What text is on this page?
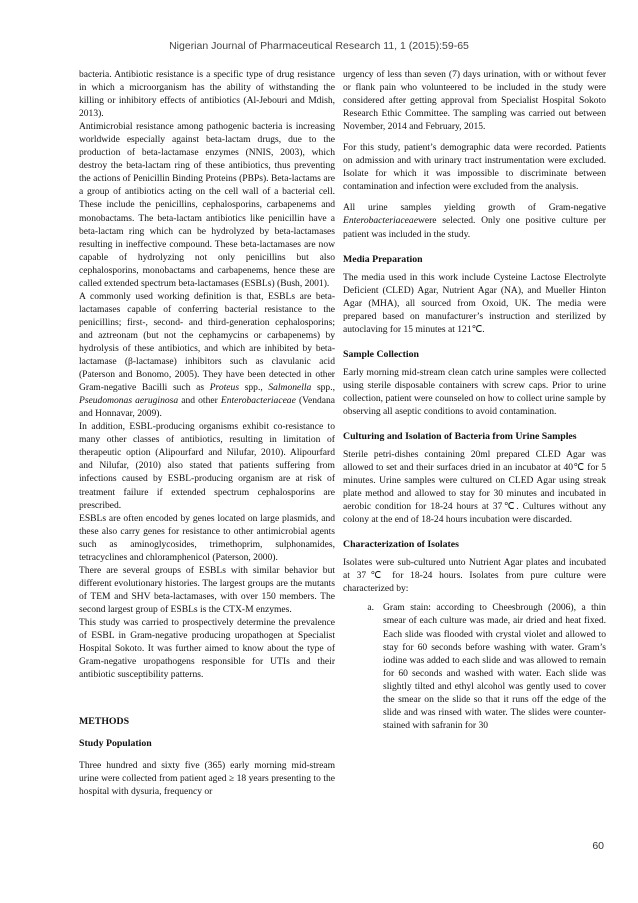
Nigerian Journal of Pharmaceutical Research 11, 1 (2015):59-65

bacteria. Antibiotic resistance is a specific type of drug resistance in which a microorganism has the ability of withstanding the killing or inhibitory effects of antibiotics (Al-Jebouri and Mdish, 2013).

Antimicrobial resistance among pathogenic bacteria is increasing worldwide especially against beta-lactam drugs, due to the production of beta-lactamase enzymes (NNIS, 2003), which destroy the beta-lactam ring of these antibiotics, thus preventing the actions of Penicillin Binding Proteins (PBPs). Beta-lactams are a group of antibiotics acting on the cell wall of a bacterial cell. These include the penicillins, cephalosporins, carbapenems and monobactams. The beta-lactam antibiotics like penicillin have a beta-lactam ring which can be hydrolyzed by beta-lactamases resulting in ineffective compound. These beta-lactamases are now capable of hydrolyzing not only penicillins but also cephalosporins, monobactams and carbapenems, hence these are called extended spectrum beta-lactamases (ESBLs) (Bush, 2001).

A commonly used working definition is that, ESBLs are beta-lactamases capable of conferring bacterial resistance to the penicillins; first-, second- and third-generation cephalosporins; and aztreonam (but not the cephamycins or carbapenems) by hydrolysis of these antibiotics, and which are inhibited by beta-lactamase (β-lactamase) inhibitors such as clavulanic acid (Paterson and Bonomo, 2005). They have been detected in other Gram-negative Bacilli such as Proteus spp., Salmonella spp., Pseudomonas aeruginosa and other Enterobacteriaceae (Vendana and Honnavar, 2009).

In addition, ESBL-producing organisms exhibit co-resistance to many other classes of antibiotics, resulting in limitation of therapeutic option (Alipourfard and Nilufar, 2010). Alipourfard and Nilufar, (2010) also stated that patients suffering from infections caused by ESBL-producing organism are at risk of treatment failure if extended spectrum cephalosporins are prescribed.

ESBLs are often encoded by genes located on large plasmids, and these also carry genes for resistance to other antimicrobial agents such as aminoglycosides, trimethoprim, sulphonamides, tetracyclines and chloramphenicol (Paterson, 2000).

There are several groups of ESBLs with similar behavior but different evolutionary histories. The largest groups are the mutants of TEM and SHV beta-lactamases, with over 150 members. The second largest group of ESBLs is the CTX-M enzymes.

This study was carried to prospectively determine the prevalence of ESBL in Gram-negative producing uropathogen at Specialist Hospital Sokoto. It was further aimed to know about the type of Gram-negative uropathogens responsible for UTIs and their antibiotic susceptibility patterns.

METHODS
Study Population

Three hundred and sixty five (365) early morning mid-stream urine were collected from patient aged ≥ 18 years presenting to the hospital with dysuria, frequency or

urgency of less than seven (7) days urination, with or without fever or flank pain who volunteered to be included in the study were considered after getting approval from Specialist Hospital Sokoto Research Ethic Committee. The sampling was carried out between November, 2014 and February, 2015.

For this study, patient’s demographic data were recorded. Patients on admission and with urinary tract instrumentation were excluded. Isolate for which it was impossible to discriminate between contamination and infection were excluded from the analysis.

All urine samples yielding growth of Gram-negative Enterobacteriaceaewere selected. Only one positive culture per patient was included in the study.

Media Preparation

The media used in this work include Cysteine Lactose Electrolyte Deficient (CLED) Agar, Nutrient Agar (NA), and Mueller Hinton Agar (MHA), all sourced from Oxoid, UK. The media were prepared based on manufacturer’s instruction and sterilized by autoclaving for 15 minutes at 121℃.

Sample Collection

Early morning mid-stream clean catch urine samples were collected using sterile disposable containers with screw caps. Prior to urine collection, patient were counseled on how to collect urine sample by observing all aseptic conditions to avoid contamination.

Culturing and Isolation of Bacteria from Urine Samples

Sterile petri-dishes containing 20ml prepared CLED Agar was allowed to set and their surfaces dried in an incubator at 40℃ for 5 minutes. Urine samples were cultured on CLED Agar using streak plate method and allowed to stay for 30 minutes and incubated in aerobic condition for 18-24 hours at 37℃. Cultures without any colony at the end of 18-24 hours incubation were discarded.

Characterization of Isolates

Isolates were sub-cultured unto Nutrient Agar plates and incubated at 37℃ for 18-24 hours. Isolates from pure culture were characterized by:

a. Gram stain: according to Cheesbrough (2006), a thin smear of each culture was made, air dried and heat fixed. Each slide was flooded with crystal violet and allowed to stay for 60 seconds before washing with water. Gram’s iodine was added to each slide and was allowed to remain for 60 seconds and washed with water. Each slide was slightly tilted and ethyl alcohol was gently used to cover the smear on the slide so that it runs off the edge of the slide and was rinsed with water. The slides were counter-stained with safranin for 30
60
